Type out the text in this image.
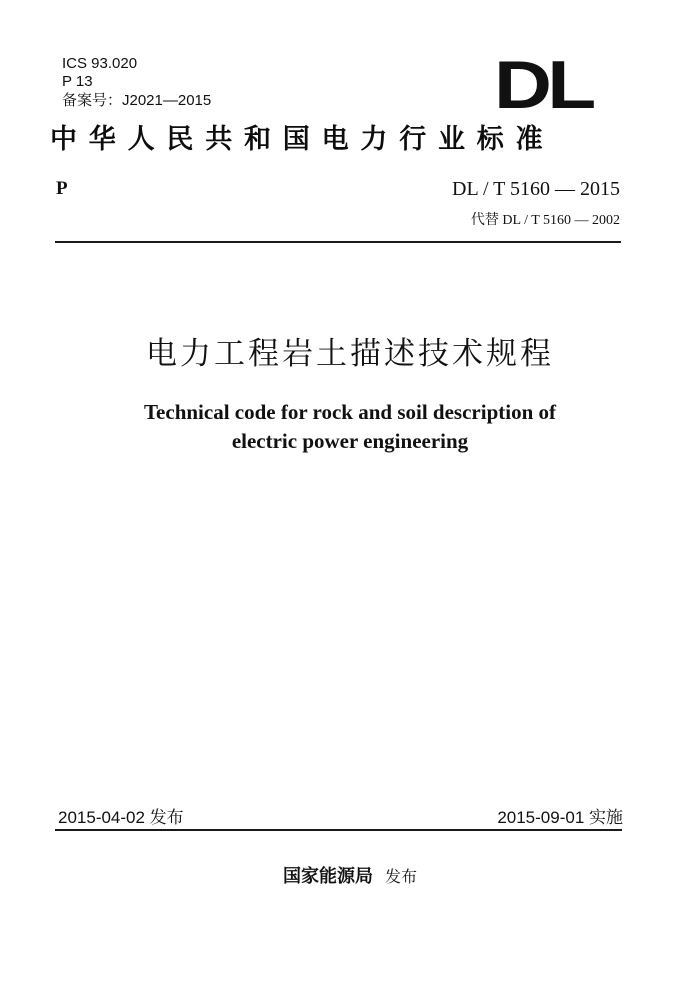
ICS 93.020
P 13
备案号：J2021—2015	DL
中华人民共和国电力行业标准
P	DL / T 5160 — 2015
代替 DL / T 5160 — 2002
电力工程岩土描述技术规程
Technical code for rock and soil description of
electric power engineering
2015-04-02 发布	2015-09-01 实施
国家能源局 发布
